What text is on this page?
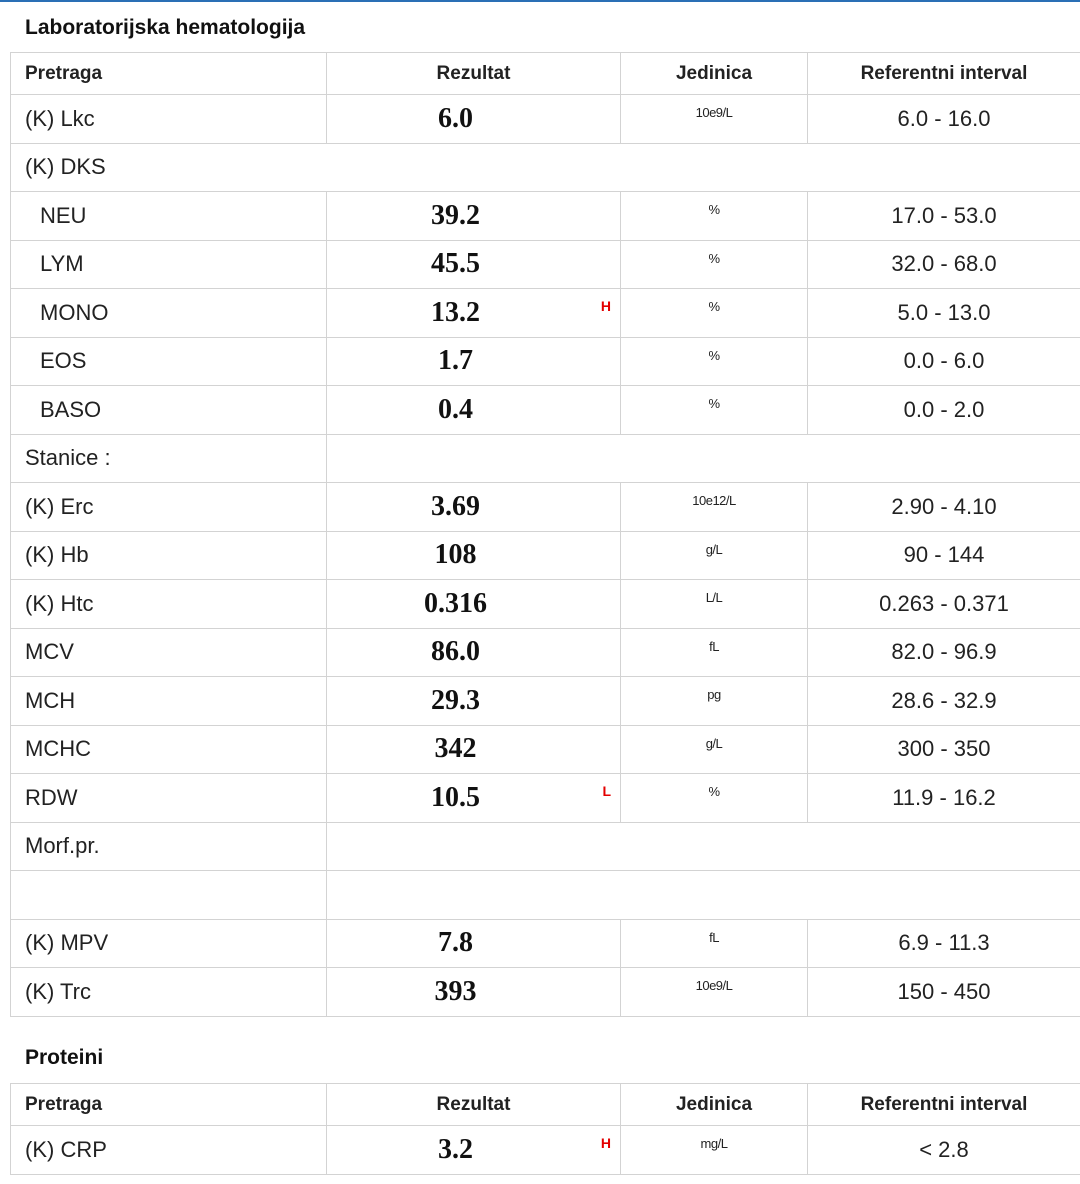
Laboratorijska hematologija
Pretraga	Rezultat	Jedinica	Referentni interval
(K) Lkc	6.0	10e9/L	6.0 - 16.0
(K) DKS			
NEU	39.2	%	17.0 - 53.0
LYM	45.5	%	32.0 - 68.0
MONO	13.2 H	%	5.0 - 13.0
EOS	1.7	%	0.0 - 6.0
BASO	0.4	%	0.0 - 2.0
Stanice :			
(K) Erc	3.69	10e12/L	2.90 - 4.10
(K) Hb	108	g/L	90 - 144
(K) Htc	0.316	L/L	0.263 - 0.371
MCV	86.0	fL	82.0 - 96.9
MCH	29.3	pg	28.6 - 32.9
MCHC	342	g/L	300 - 350
RDW	10.5 L	%	11.9 - 16.2
Morf.pr.			

(K) MPV	7.8	fL	6.9 - 11.3
(K) Trc	393	10e9/L	150 - 450
Proteini
Pretraga	Rezultat	Jedinica	Referentni interval
(K) CRP	3.2 H	mg/L	< 2.8
